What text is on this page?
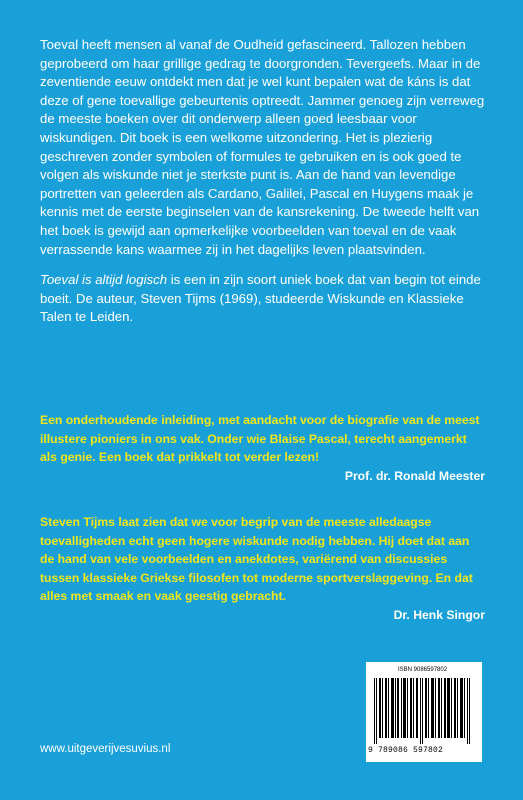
Toeval heeft mensen al vanaf de Oudheid gefascineerd. Tallozen hebben geprobeerd om haar grillige gedrag te doorgronden. Tevergeefs. Maar in de zeventiende eeuw ontdekt men dat je wel kunt bepalen wat de káns is dat deze of gene toevallige gebeurtenis optreedt. Jammer genoeg zijn verreweg de meeste boeken over dit onderwerp alleen goed leesbaar voor wiskundigen. Dit boek is een welkome uitzondering. Het is plezierig geschreven zonder symbolen of formules te gebruiken en is ook goed te volgen als wiskunde niet je sterkste punt is. Aan de hand van levendige portretten van geleerden als Cardano, Galilei, Pascal en Huygens maak je kennis met de eerste beginselen van de kansrekening. De tweede helft van het boek is gewijd aan opmerkelijke voorbeelden van toeval en de vaak verrassende kans waarmee zij in het dagelijks leven plaatsvinden.

Toeval is altijd logisch is een in zijn soort uniek boek dat van begin tot einde boeit. De auteur, Steven Tijms (1969), studeerde Wiskunde en Klassieke Talen te Leiden.

Een onderhoudende inleiding, met aandacht voor de biografie van de meest illustere pioniers in ons vak. Onder wie Blaise Pascal, terecht aangemerkt als genie. Een boek dat prikkelt tot verder lezen!
Prof. dr. Ronald Meester
Steven Tijms laat zien dat we voor begrip van de meeste alledaagse toevalligheden echt geen hogere wiskunde nodig hebben. Hij doet dat aan de hand van vele voorbeelden en anekdotes, variërend van discussies tussen klassieke Griekse filosofen tot moderne sportverslaggeving. En dat alles met smaak en vaak geestig gebracht.
Dr. Henk Singor
ISBN 9086597802
9 789086 597802
www.uitgeverijvesuvius.nl
